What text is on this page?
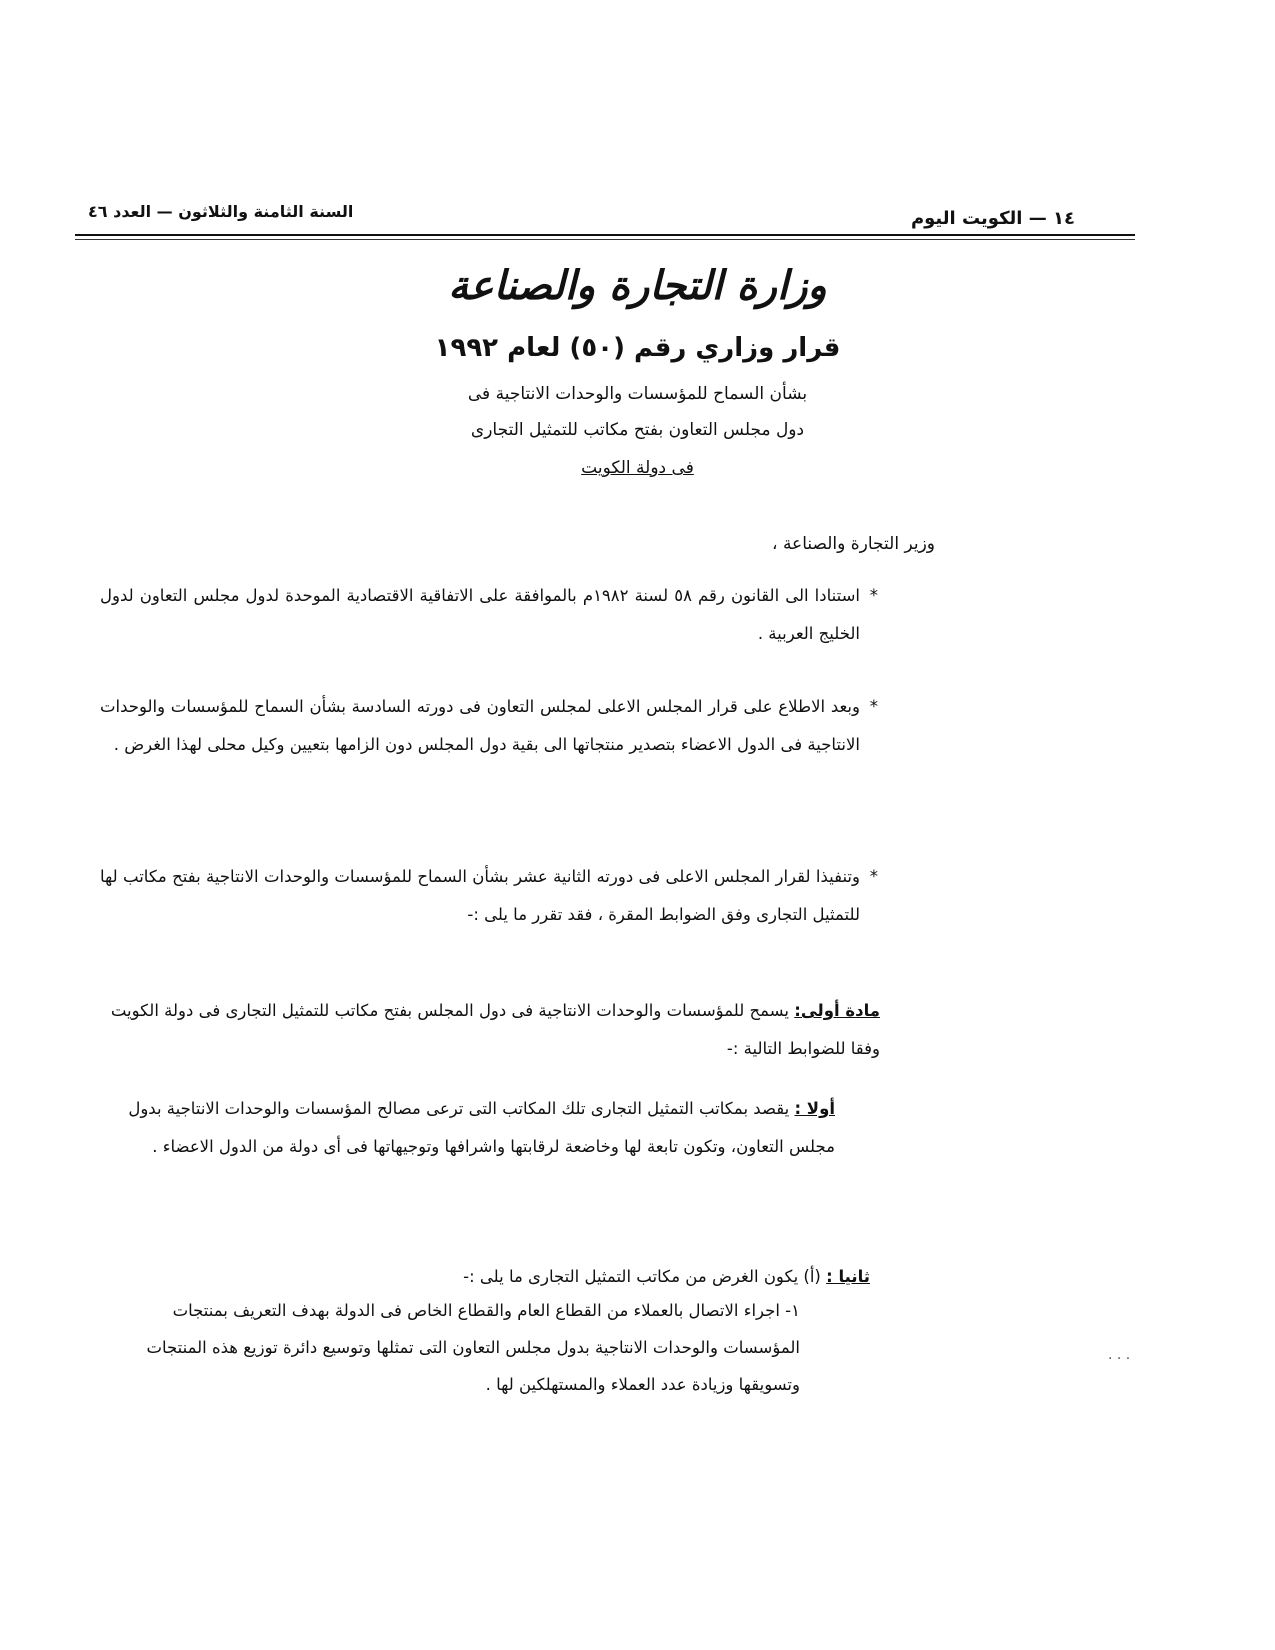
١٤ — الكويت اليوم
السنة الثامنة والثلاثون — العدد ٤٦
وزارة التجارة والصناعة
قرار وزاري رقم (٥٠) لعام ١٩٩٢
بشأن السماح للمؤسسات والوحدات الانتاجية فى
دول مجلس التعاون بفتح مكاتب للتمثيل التجارى
فى دولة الكويت
وزير التجارة والصناعة ،
*
استنادا الى القانون رقم ٥٨ لسنة ١٩٨٢م بالموافقة على الاتفاقية الاقتصادية الموحدة لدول مجلس التعاون لدول الخليج العربية .
*
وبعد الاطلاع على قرار المجلس الاعلى لمجلس التعاون فى دورته السادسة بشأن السماح للمؤسسات والوحدات الانتاجية فى الدول الاعضاء بتصدير منتجاتها الى بقية دول المجلس دون الزامها بتعيين وكيل محلى لهذا الغرض .
*
وتنفيذا لقرار المجلس الاعلى فى دورته الثانية عشر بشأن السماح للمؤسسات والوحدات الانتاجية بفتح مكاتب لها للتمثيل التجارى وفق الضوابط المقرة ، فقد تقرر ما يلى :-
مادة أولى: يسمح للمؤسسات والوحدات الانتاجية فى دول المجلس بفتح مكاتب للتمثيل التجارى فى دولة الكويت وفقا للضوابط التالية :-
أولا : يقصد بمكاتب التمثيل التجارى تلك المكاتب التى ترعى مصالح المؤسسات والوحدات الانتاجية بدول مجلس التعاون، وتكون تابعة لها وخاضعة لرقابتها واشرافها وتوجيهاتها فى أى دولة من الدول الاعضاء .
ثانيا : (أ) يكون الغرض من مكاتب التمثيل التجارى ما يلى :-
١- اجراء الاتصال بالعملاء من القطاع العام والقطاع الخاص فى الدولة بهدف التعريف بمنتجات المؤسسات والوحدات الانتاجية بدول مجلس التعاون التى تمثلها وتوسيع دائرة توزيع هذه المنتجات وتسويقها وزيادة عدد العملاء والمستهلكين لها .
. . .
